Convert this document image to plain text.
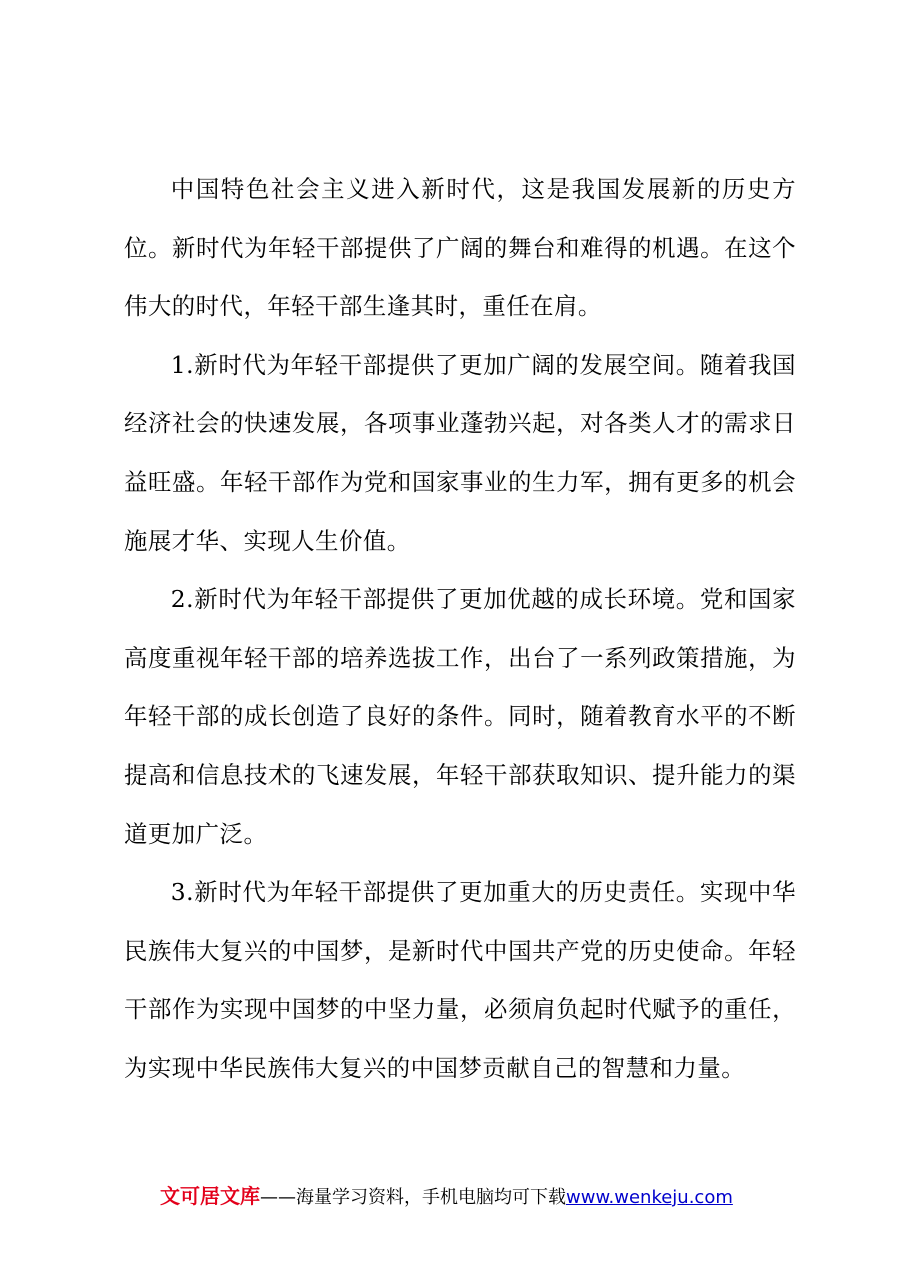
中国特色社会主义进入新时代，这是我国发展新的历史方位。新时代为年轻干部提供了广阔的舞台和难得的机遇。在这个伟大的时代，年轻干部生逢其时，重任在肩。

1.新时代为年轻干部提供了更加广阔的发展空间。随着我国经济社会的快速发展，各项事业蓬勃兴起，对各类人才的需求日益旺盛。年轻干部作为党和国家事业的生力军，拥有更多的机会施展才华、实现人生价值。

2.新时代为年轻干部提供了更加优越的成长环境。党和国家高度重视年轻干部的培养选拔工作，出台了一系列政策措施，为年轻干部的成长创造了良好的条件。同时，随着教育水平的不断提高和信息技术的飞速发展，年轻干部获取知识、提升能力的渠道更加广泛。

3.新时代为年轻干部提供了更加重大的历史责任。实现中华民族伟大复兴的中国梦，是新时代中国共产党的历史使命。年轻干部作为实现中国梦的中坚力量，必须肩负起时代赋予的重任，为实现中华民族伟大复兴的中国梦贡献自己的智慧和力量。

文可居文库——海量学习资料，手机电脑均可下载www.wenkeju.com
